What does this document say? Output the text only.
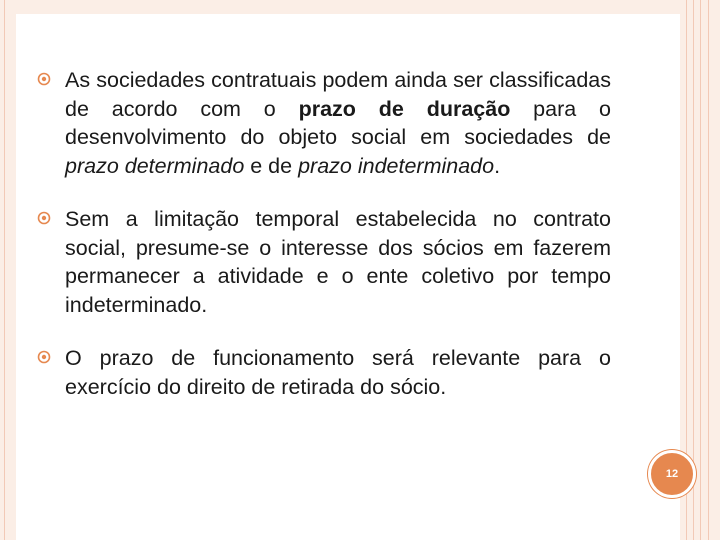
As sociedades contratuais podem ainda ser classificadas de acordo com o prazo de duração para o desenvolvimento do objeto social em sociedades de prazo determinado e de prazo indeterminado.
Sem a limitação temporal estabelecida no contrato social, presume-se o interesse dos sócios em fazerem permanecer a atividade e o ente coletivo por tempo indeterminado.
O prazo de funcionamento será relevante para o exercício do direito de retirada do sócio.
12
